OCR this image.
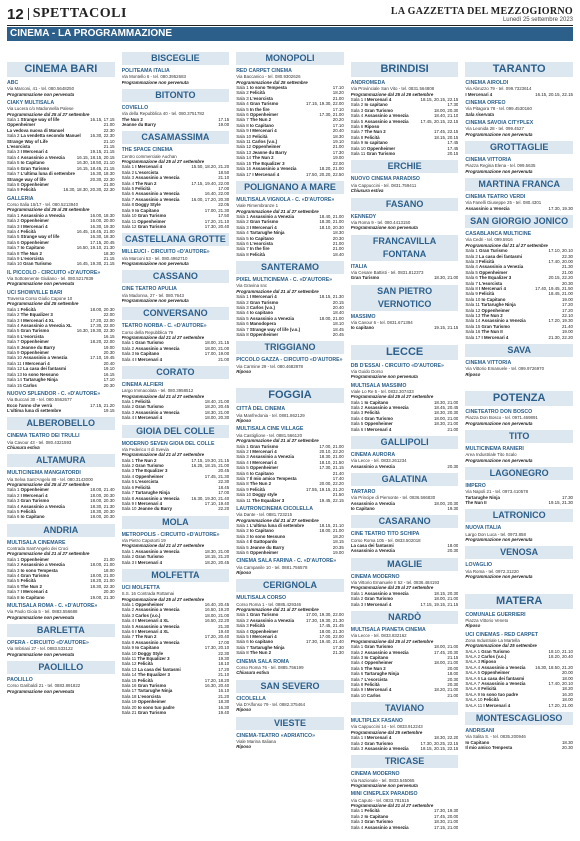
12 SPETTACOLI	LA GAZZETTA DEL MEZZOGIORNO
Lunedì 25 settembre 2023
CINEMA - LA PROGRAMMAZIONE
CINEMA BARI
ABC
Via Marconi, 41 - tel. 080.5648250
Programmazione non pervenuta
CIAKY MULTISALA
Via Lucera c/o Madonnella Palese
Programmazione dal 25 al 27 settembre
Sala 1 Strange way of life	16.15, 17.15
Oppenheimer	21.00
La vedova nuova di Manuel	22.30
Sala 2 La vendetta secondo Manuel	16.30, 22.30
Strange Way of Life	21.10
L'esorcista	21.15
Sala 3 I Mercenari 4	19.15, 21.15
Sala 4 Assassinio a Venezia	16.15, 18.15, 20.15
Sala 5 Io Capitano	16.30, 18.50, 21.10
Sala 6 Gran Turismo	16.15, 18.45, 21.15
Sala 7 L'ultima luna di settembre	16.30, 18.30
Strange way of life	20.30, 22.30
Sala 8 Oppenheimer	21.00
Sala 9 Felicità	16.30, 18.30, 20.30, 22.30
GALLERIA
Corso Italia 15/17 - tel. 080.5213940
Programmazione dal 25 al 28 settembre
Sala 1 Assassinio a Venezia	16.00, 18.30
Sala 2 Oppenheimer	16.00, 20.00
Sala 3 I Mercenari 4	16.30, 19.30
Sala 4 Felicità	16.45, 18.45, 21.00
Sala 5 Strange way of life	16.30, 18.30
Sala 6 Oppenheimer	17.15, 20.45
Sala 7 Io Capitano	16.50, 19.10, 21.30
Sala 8 The Nun 2	18.30
Sala 9 L'esorcista	21.15
Sala 10 Gran Turismo	16.45, 19.30, 21.15
IL PICCOLO - CIRCUITO «D'AUTORE»
Via Sottotenente Giuliano - tel. 080.5217839
Programmazione non pervenuta
UCI SHOWVILLE BARI
Traversa Corso Giulio Capone 10
Programmazione dal 25 settembre
Sala 1 Felicità	18.00, 20.30
Sala 2 The Equalizer 3	22.00
Sala 3 I Mercenari 4 XL	17.20, 22.00
Sala 4 Assassinio a Venezia XL	17.30, 22.00
Sala 5 Gran Turismo	16.30, 19.30, 22.30
Sala 6 L'esorcista	16.15
Sala 7 Oppenheimer	18.20, 22.00
Sala 8 Jeanne du Barry	19.00
Sala 9 Oppenheimer	20.30
Sala 10 Assassinio a Venezia	17.10, 19.45
Sala 11 I Mercenari 4	20.40
Sala 12 La casa dei fantasmi	19.10
Sala 13 Io sono Nessuno	16.15
Sala 14 Tartarughe Ninja	17.10
Sala 15 Carlos	20.30
NUOVO SPLENDOR - C. «D'AUTORE»
Via Buccari 30 - tel. 080.5562677
Ecco l'anno che verrà	17.15, 21.20
L'ultima luna di settembre	19.15
ALBEROBELLO
CINEMA TEATRO DEI TRULLI
Via Cavour 43 - tel. 080.4321593
Chiusura estiva
ALTAMURA
MULTICINEMA MANGIATORDI
Via Selva Sant'Angelo 88 - tel. 080.3143000
Programmazione dal 25 al 27 settembre
Sala 1 Oppenheimer	18.00, 21.40
Sala 2 I Mercenari 4	18.00, 20.30
Sala 3 Gran Turismo	18.00, 20.30
Sala 4 Assassinio a Venezia	18.30, 21.30
Sala 5 Felicità	18.30, 20.30
Sala 6 Io Capitano	18.00, 20.30
ANDRIA
MULTISALA CINEMARE
Contrada Sant'Angelo dei Croci
Programmazione dal 21 al 27 settembre
Sala 1 Oppenheimer	21.00
Sala 2 Assassinio a Venezia	18.00, 21.00
Sala 3 Io sono Tempesta	18.00
Sala 4 Gran Turismo	18.00, 21.00
Sala 5 Felicità	18.20, 21.00
Sala 6 The Nun 2	18.30, 22.30
Sala 7 I Mercenari 4	20.30
Sala 8 Io Capitano	19.00, 21.30
MULTISALA ROMA - C. «D'AUTORE»
Via Paolo Gioia 5 - tel. 0883.556688
Programmazione non pervenuta
BARLETTA
OPERA - CIRCUITO «D'AUTORE»
Via Imbriani 27 - tel. 0883.533122
Programmazione non pervenuta
PAOLILLO
PAOLILLO
Corso Garibaldi 21 - tel. 0883.891822
Programmazione non pervenuta
BISCEGLIE
POLITEAMA ITALIA
Via Montello 6 - tel. 080.3952683
Programmazione non pervenuta
BITONTO
COVIELLO
Via della Repubblica 40 - tel. 080.3751782
The Nun 2	17.15
Jeanne du Barry	19.00
CASAMASSIMA
THE SPACE CINEMA
Centro commerciale Auchan
Programmazione dal 25 al 27 settembre
Sala 1 I Mercenari 4	15.50, 18.20, 21.20
Sala 2 L'esorcista	18.50
Sala 3 Assassinio a Venezia	21.10
Sala 4 The Nun 2	17.15, 19.40, 22.00
Sala 5 Felicità	17.00
Sala 6 Assassinio a Venezia	16.40, 22.00
Sala 7 Assassinio a Venezia	16.00, 17.20, 20.30
Sala 8 Doggy Style	22.05
Sala 9 Io Capitano	17.00, 21.30
Sala 10 Gran Turismo	17.50
Sala 11 Oppenheimer	17.20, 21.10
Sala 12 Gran Turismo	17.30, 20.40
CASTELLANA GROTTE
MILLEUCI - CIRCUITO «D'AUTORE»
Via Marconi 53 - tel. 080.4962710
Programmazione non pervenuta
CASSANO
CINE TEATRO APULIA
Via Madonna, 27 - tel. 080.7643
Programmazione non pervenuta
CONVERSANO
TEATRO NORBA - C. «D'AUTORE»
Corso della Repubblica 79
Programmazione dal 21 al 27 settembre
Sala 1 Gran Turismo	18.00, 21.15
Sala 2 Assassinio a Venezia	18.00, 21.00
Sala 3 Io Capitano	17.00, 19.00
Sala 4 I Mercenari 4	21.00
CORATO
CINEMA ALFIERI
Largo Immacolata - tel. 080.3958512
Programmazione dal 21 al 27 settembre
Sala 1 Felicità	18.40, 21.00
Sala 2 Gran Turismo	18.20, 20.45
Sala 3 Assassinio a Venezia	18.30, 21.00
Sala 4 I Mercenari 4	18.00, 20.30
GIOIA DEL COLLE
MODERNO SEVEN GIOIA DEL COLLE
Via Federico II di Svevia
Programmazione dal 21 al 27 settembre
Sala 1 The Nun 2	17.15, 19.30, 21.15
Sala 2 Gran Turismo	16.25, 18.15, 21.00
Sala 3 The Equalizer 3	20.45
Sala 4 Oppenheimer	17.45, 21.30
Sala 5 L'esorcista	22.30
Sala 6 Felicità	18.45
Sala 7 Tartarughe Ninja	17.00
Sala 8 Assassinio a Venezia	16.30, 19.30, 21.40
Sala 9 I Mercenari 4	17.10, 19.40
Sala 10 Jeanne du Barry	22.20
MOLA
METROPOLIS - CIRCUITO «D'AUTORE»
Via Pietro Capotorti 19
Programmazione dal 21 al 27 settembre
Sala 1 Assassinio a Venezia	18.30, 21.00
Sala 2 Gran Turismo	18.15, 21.20
Sala 3 I Mercenari 4	18.20, 20.45
MOLFETTA
UCI MOLFETTA
S.S. 16 Contrada Rottamai
Programmazione dal 25 al 27 settembre
Sala 1 Oppenheimer	16.40, 20.45
Sala 2 Assassinio a Venezia	16.50, 19.20
Sala 3 Carlos (v.o.)	18.00, 21.00
Sala 4 I Mercenari 4 XL	16.50, 22.20
Sala 5 Assassinio a Venezia	21.30
Sala 6 I Mercenari 4 XL	19.40
Sala 7 The Nun 2	17.20, 20.40
Sala 8 Assassinio a Venezia	17.00
Sala 9 Io Capitano	17.30, 20.10
Sala 10 Doggy Style	22.30
Sala 11 The Equalizer 3	19.30
Sala 12 Felicità	18.10
Sala 13 La casa dei fantasmi	17.20
Sala 14 The Equalizer 3	21.10
Sala 15 Felicità	17.20, 18.20
Sala 16 Gran Turismo	16.30, 20.40
Sala 17 Tartarughe Ninja	16.10
Sala 18 L'esorcista	21.20
Sala 19 Oppenheimer	18.30
Sala 20 Io sono tuo padre	16.30
Sala 21 Gran Turismo	19.40
MONOPOLI
RED CARPET CINEMA
Via Baccanico - tel. 080.9302626
Programmazione dal 25 settembre
Sala 1 Io sono Tempesta	17.10
Sala 2 Felicità	18.20
Sala 3 L'esorcista	21.00
Sala 4 Gran Turismo	17.15, 19.30, 22.00
Sala 5 In the fire	17.10
Sala 6 Oppenheimer	17.30, 21.00
Sala 7 The Nun 2	20.20
Sala 8 Io Capitano	17.10
Sala 9 I Mercenari 4	20.40
Sala 10 Felicità	18.30
Sala 11 Carlos (v.o.)	19.10
Sala 12 Oppenheimer	21.00
Sala 13 Jeanne du Barry	17.30
Sala 14 The Nun 2	19.00
Sala 15 The Equalizer 3	22.00
Sala 16 Assassinio a Venezia	18.20, 21.00
Sala 17 I Mercenari 4	17.50, 20.20, 22.50
POLIGNANO A MARE
MULTISALA VIGNOLA - C. «D'AUTORE»
Viale Rimembranze 1
Programmazione dal 21 al 27 settembre
Sala 1 Assassinio a Venezia	18.40, 21.00
Sala 2 Gran Turismo	18.30, 21.00
Sala 3 I Mercenari 4	18.10, 20.30
Sala 4 Tartarughe Ninja	18.30
Sala 5 Io Capitano	20.30
Sala 6 L'esorcista	21.00
Sala 7 In the fire	21.00
Sala 8 Felicità	18.40
SANTERAMO
PIXEL MULTICINEMA - C. «D'AUTORE»
Via Gravina snc
Programmazione dal 21 al 27 settembre
Sala 1 I Mercenari 4	18.15, 21.30
Sala 2 Gran Turismo	20.15
Sala 3 Carlos (v.o.)	20.40
Sala 4 Io capitano	18.40
Sala 5 Assassinio a Venezia	18.00, 21.00
Sala 6 Manodopera	18.10
Sala 7 Strange way of life (v.o.)	18.45
Sala 8 Oppenheimer	20.45
TRIGGIANO
PICCOLO GAZZA - CIRCUITO «D'AUTORE»
Via Carmine 29 - tel. 080.4682878
Riposo
FOGGIA
CITTÀ DEL CINEMA
Via Manfredonia - tel. 0881.862129
Riposo
MULTISALA CINE VILLAGE
Via Castiglione - tel. 0881.566120
Programmazione dal 21 al 27 settembre
Sala 1 Gran Turismo	17.00, 21.00
Sala 2 I Mercenari 4	20.10, 22.20
Sala 3 Assassinio a Venezia	18.30, 21.00
Sala 4 I Mercenari 4	18.10, 21.50
Sala 5 Oppenheimer	17.30, 21.15
Sala 6 Io Capitano	21.40
Sala 7 Il mio amico Tempesta	17.40
Sala 8 The Nun 2	20.00, 22.20
Sala 9 Felicità	17.55, 19.15, 21.20
Sala 10 Doggy style	21.50
Sala 11 The Equalizer 3	19.45, 22.15
LAUTRONCINEMA CICOLELLA
Via Dante - tel. 0881.723215
Programmazione dal 21 al 27 settembre
Sala 1 L'ultima luna di settembre	18.15, 21.10
Sala 2 Io Capitano	18.00, 21.00
Sala 3 Io sono Nessuno	18.20
Sala 4 Il Gattopardo	18.15
Sala 5 Jeanne du Barry	20.35
Sala 6 Oppenheimer	19.00
CINEMA SALA FARINA - C. «D'AUTORE»
Via Campanile 10 - tel. 0881.756578
Riposo
CERIGNOLA
MULTISALA CORSO
Corso Roma 1 - tel. 0885.429346
Programmazione dal 21 al 27 settembre
Sala 1 Gran Turismo	17.00, 19.30, 22.00
Sala 2 Assassinio a Venezia	17.30, 19.30, 21.30
Sala 3 Felicità	17.45, 21.45
Sala 4 Oppenheimer	18.00, 21.30
Sala 5 I Mercenari 4	17.00, 22.00
Sala 6 Io capitano	17.30, 19.40, 21.40
Sala 7 Tartarughe Ninja	17.30
Sala 8 The Nun 2	21.30
CINEMA SALA ROMA
Corso Roma 76 - tel. 0885.756199
Chiusura estiva
SAN SEVERO
CICOLELLA
Via D'Alfonso 79 - tel. 0882.375464
Riposo
VIESTE
CINEMA-TEATRO «ADRIATICO»
Viale Marina Italiana
Riposo
BRINDISI
ANDROMEDA
Via Provinciale San Vito - tel. 0831.564808
Programmazione dal 25 al 26 settembre
Sala 1 I Mercenari 4	18.15, 20.15, 22.15
Sala 2 Io capitano	17.30
Sala 3 Gran Turismo	18.00, 20.30
Sala 4 Assassinio a Venezia	18.40, 21.10
Sala 5 Assassinio a Venezia	17.45, 20.15, 22.15
Sala 6 Riposo
Sala 7 The Nun 2	17.45, 22.15
Sala 8 Felicità	18.15, 20.15
Sala 9 Io capitano	17.45
Sala 10 Oppenheimer	17.45
Sala 11 Gran Turismo	20.15
ERCHIE
NUOVO CINEMA PARADISO
Via Cappuccini - tel. 0831.759411
Chiusura estiva
FASANO
KENNEDY
Via Roma 9 - tel. 080.4413150
Programmazione non pervenuta
FRANCAVILLA FONTANA
ITALIA
Via Cesare Battisti - tel. 0831.812373
Gran Turismo	18.30, 21.00
SAN PIETRO VERNOTICO
MASSIMO
Via Cavour 6 - tel. 0831.671394
Io capitano	19.15, 21.15
LECCE
DB D'ESSAI - CIRCUITO «D'AUTORE»
Via Guido Dorso
Programmazione non pervenuta
MULTISALA MASSIMO
Viale Lo Re 5 - tel. 0832.307433
Programmazione dal 25 al 27 settembre
Sala 1 Io Capitano	18.30, 21.00
Sala 2 Assassinio a Venezia	18.45, 20.45
Sala 3 Felicità	18.30, 20.30
Sala 4 Gran Turismo	18.00, 21.00
Sala 5 Oppenheimer	18.30, 21.00
Sala 6 I Mercenari 4	21.00
GALLIPOLI
CINEMA AURORA
Via Lecce - tel. 0833.261234
Assassinio a Venezia	20.30
GALATINA
TARTARO
Via Principe di Piemonte - tel. 0836.566830
Assassinio a Venezia	18.00, 20.30
Io Capitano	19.30
CASARANO
CINE TEATRO TITO SCHIPA
Corso Roma 105 - tel. 0833.502018
La casa dei fantasmi	18.00
Assassinio a Venezia	20.30
MAGLIE
CINEMA MODERNO
Via Vittorio Emanuele II 52 - tel. 0836.484193
Programmazione dal 25 al 27 settembre
Sala 1 Assassinio a Venezia	18.15, 20.30
Sala 2 Gran Turismo	18.00, 21.00
Sala 3 I Mercenari 4	17.15, 19.15, 21.15
NARDÒ
MULTISALA PIANETA CINEMA
Via Lecce - tel. 0833.832162
Programmazione dal 25 al 27 settembre
Sala 1 Gran Turismo	18.00, 21.00
Sala 2 Assassinio a Venezia	17.45, 20.30
Sala 3 Io Capitano	21.15
Sala 4 Oppenheimer	18.00, 21.00
Sala 5 The Nun 2	20.00
Sala 6 Tartarughe Ninja	18.00
Sala 7 L'esorcista	20.30
Sala 8 Felicità	20.30
Sala 9 I Mercenari 4	18.20, 21.00
Sala 10 Carlos	21.00
TAVIANO
MULTIPLEX FASANO
Via Cappuccini 14 - tel. 0833.912243
Programmazione dal 25 settembre
Sala 1 I Mercenari 4	18.30, 22.20
Sala 2 Gran Turismo	17.30, 20.25, 22.15
Sala 3 Assassinio a Venezia	18.15, 20.15, 22.15
TRICASE
CINEMA MODERNO
Via Nazionale - tel. 0833.545065
Programmazione non pervenuta
MINI CINEPLEX PARADISO
Via Caputo - tel. 0833.781515
Programmazione dal 21 al 27 settembre
Sala 1 Felicità	17.30, 19.30
Sala 2 Io Capitano	17.45, 20.00
Sala 3 Gran Turismo	18.30, 21.00
Sala 4 Assassinio a Venezia	17.15, 21.00
TARANTO
CINEMA AIROLDI
Via Abruzzo 79 - tel. 099.7323614
I Mercenari 4	16.15, 20.15, 22.15
CINEMA ORFEO
Via Pitagora 78 - tel. 099.4530160
Sala riservata
CINEMA SAVOIA CITYPLEX
Via Leonida 28 - tel. 099.4527
Programmazione non pervenuta
GROTTAGLIE
CINEMA VITTORIA
Piazza Regina Elena - tel. 099.5635
Programmazione non pervenuta
MARTINA FRANCA
CINEMA TEATRO VERDI
Via Fanelli Giuseppe 25 - tel. 080.4301
Assassinio a Venezia	17.30, 19.30
SAN GIORGIO JONICO
CASABLANCA MULTICINE
Via Cedri - tel. 099.5916
Programmazione dal 21 al 27 settembre
Sala 1 Gran Turismo	17.10, 20.10
Sala 2 La casa dei fantasmi	22.30
Sala 3 Felicità	17.40, 20.00
Sala 4 Assassinio a Venezia	21.30
Sala 5 Oppenheimer	21.00
Sala 6 The Equalizer 3	20.15, 22.20
Sala 7 L'esorcista	20.30
Sala 8 I Mercenari 4	17.40, 19.45, 21.50
Sala 9 Felicità	18.45, 21.00
Sala 10 Io Capitano	19.00
Sala 11 Tartarughe Ninja	17.20
Sala 12 Oppenheimer	17.20
Sala 13 The Nun 2	22.10
Sala 14 Assassinio a Venezia	17.20, 19.30
Sala 15 Gran Turismo	21.40
Sala 16 The Nun II	19.00
Sala 17 I Mercenari 4	21.30, 22.20
SAVA
CINEMA VITTORIA
Via Vittorio Emanuele - tel. 099.9726970
Riposo
POTENZA
CINETEATRO DON BOSCO
Piazza Don Bosco - tel. 0971.469891
Programmazione non pervenuta
TITO
MULTICINEMA RANIERI
Area Industriale Tito Scalo
Programmazione non pervenuta
LAGONEGRO
IMPERO
Via Napoli 21 - tel. 0973.410578
Tartarughe Ninja	17.30
The Nun II	19.15, 21.30
LATRONICO
NUOVA ITALIA
Largo Don Luca - tel. 0973.858
Programmazione non pervenuta
VENOSA
LOVAGLIO
Via Roma - tel. 0972.31220
Programmazione non pervenuta
MATERA
COMUNALE GUERRIERI
Piazza Vittorio Veneto
Riposo
UCI CINEMAS - RED CARPET
Zona Industriale La Martella
Programmazione dal 25 settembre
SALA 1 Gran Turismo	18.10, 21.10
SALA 2 Carlos (v.o.)	18.20, 20.40
SALA 3 Riposo
SALA 4 Assassinio a Venezia	16.30, 18.50, 21.20
SALA 5 Oppenheimer	20.00
SALA 6 La casa dei fantasmi	18.00
SALA 7 Assassinio a Venezia	17.40, 20.10
SALA 8 Felicità	18.20
SALA 9 Io sono tuo padre	16.20
SALA 10 Felicità	18.00
SALA 11 I Mercenari 4	17.20, 21.00
MONTESCAGLIOSO
ANDRISANI
Via Salita S. - tel. 0835.200946
Io Capitano	18.30
Il mio amico Tempesta	20.30
